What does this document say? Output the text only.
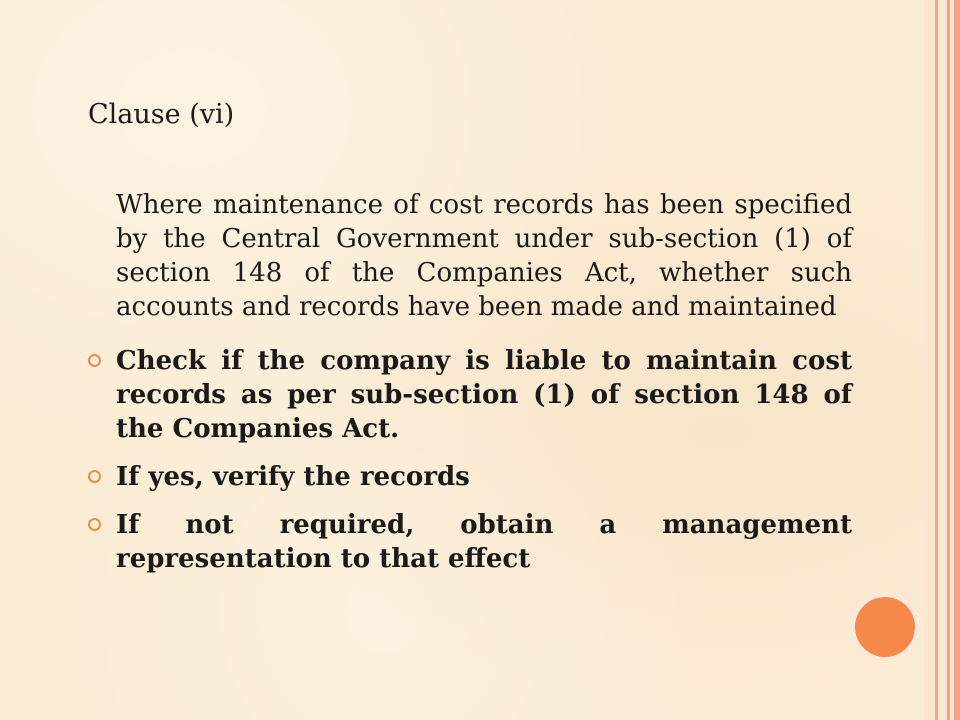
Clause (vi)
Where maintenance of cost records has been specified by the Central Government under sub-section (1) of section 148 of the Companies Act, whether such accounts and records have been made and maintained
Check if the company is liable to maintain cost records as per sub-section (1) of section 148 of the Companies Act.
If yes, verify the records
If not required, obtain a management representation to that effect
